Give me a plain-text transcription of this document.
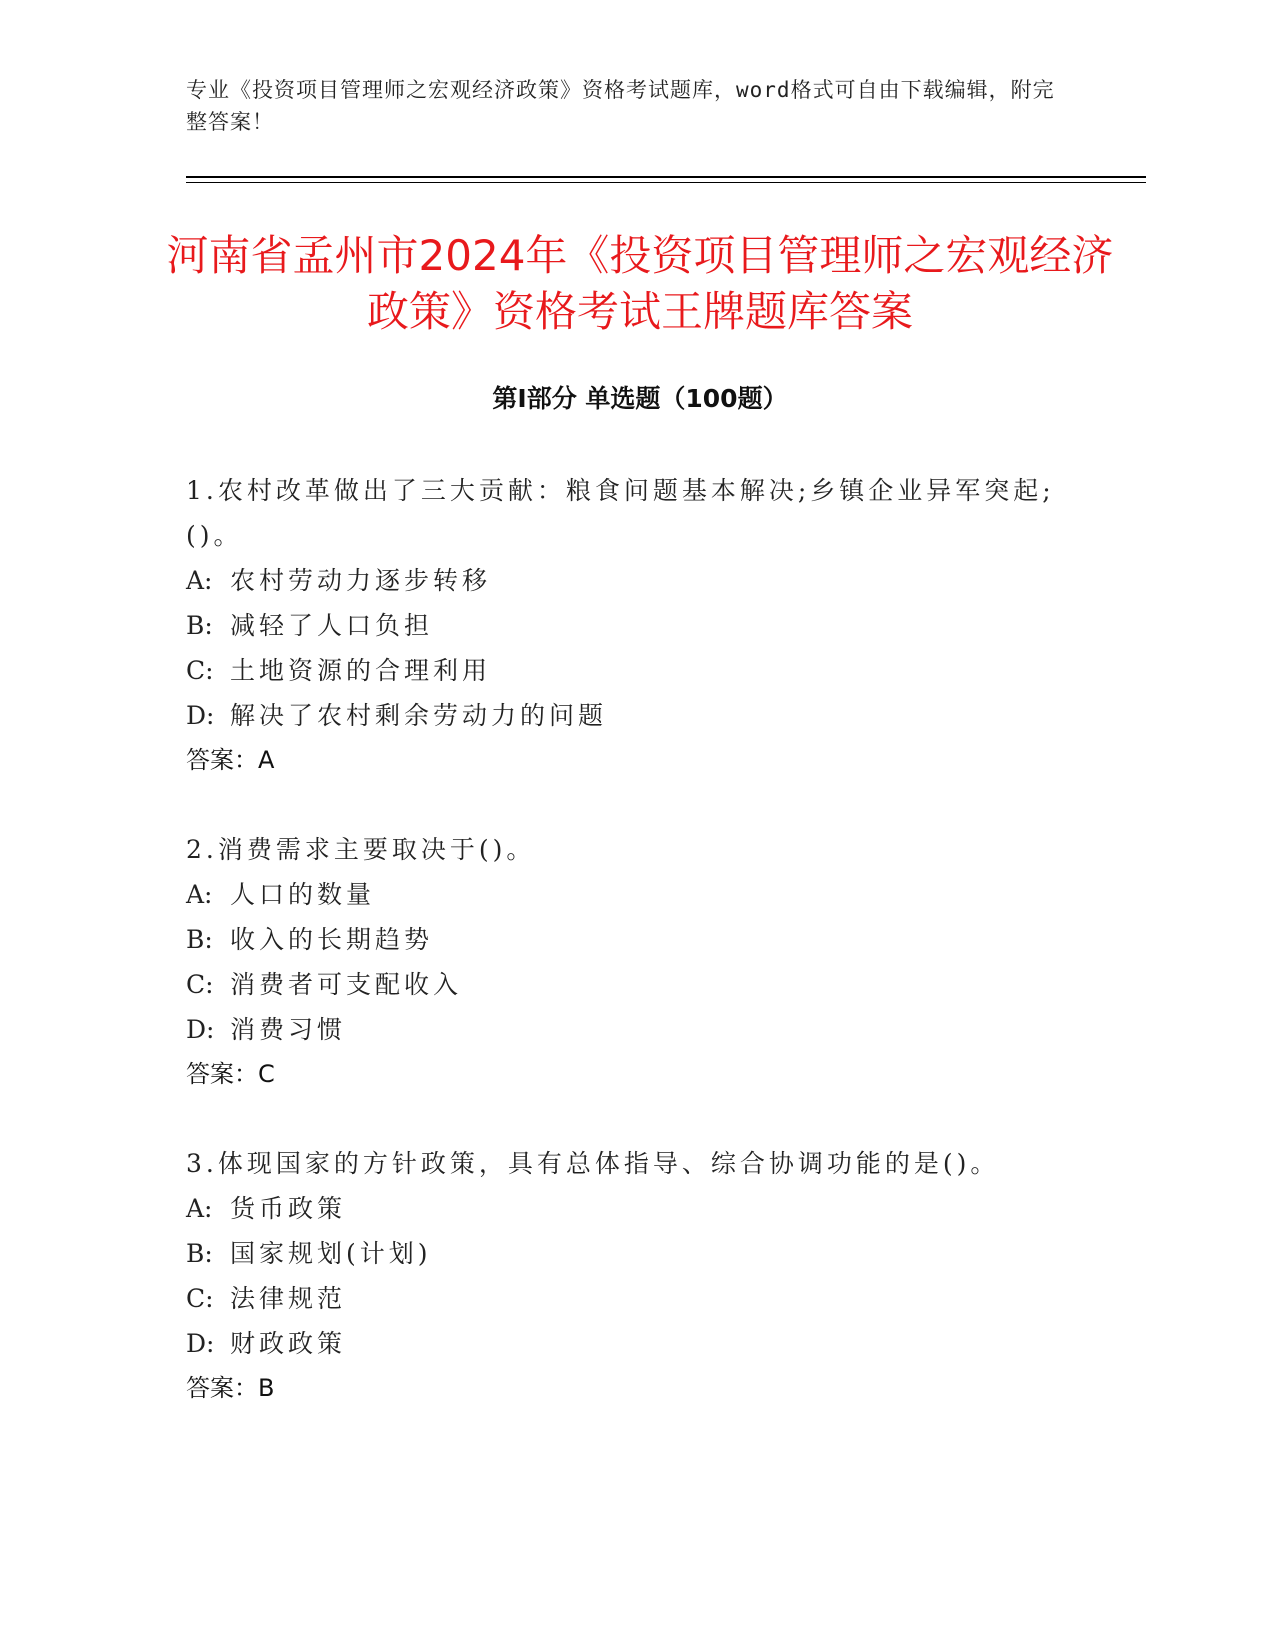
专业《投资项目管理师之宏观经济政策》资格考试题库，word格式可自由下载编辑，附完整答案！
河南省孟州市2024年《投资项目管理师之宏观经济政策》资格考试王牌题库答案
第Ⅰ部分 单选题（100题）

1.农村改革做出了三大贡献：粮食问题基本解决;乡镇企业异军突起;()。

A: 农村劳动力逐步转移

B: 减轻了人口负担

C: 土地资源的合理利用

D: 解决了农村剩余劳动力的问题

答案：A

2.消费需求主要取决于()。

A: 人口的数量

B: 收入的长期趋势

C: 消费者可支配收入

D: 消费习惯

答案：C

3.体现国家的方针政策，具有总体指导、综合协调功能的是()。

A: 货币政策

B: 国家规划(计划)

C: 法律规范

D: 财政政策

答案：B
